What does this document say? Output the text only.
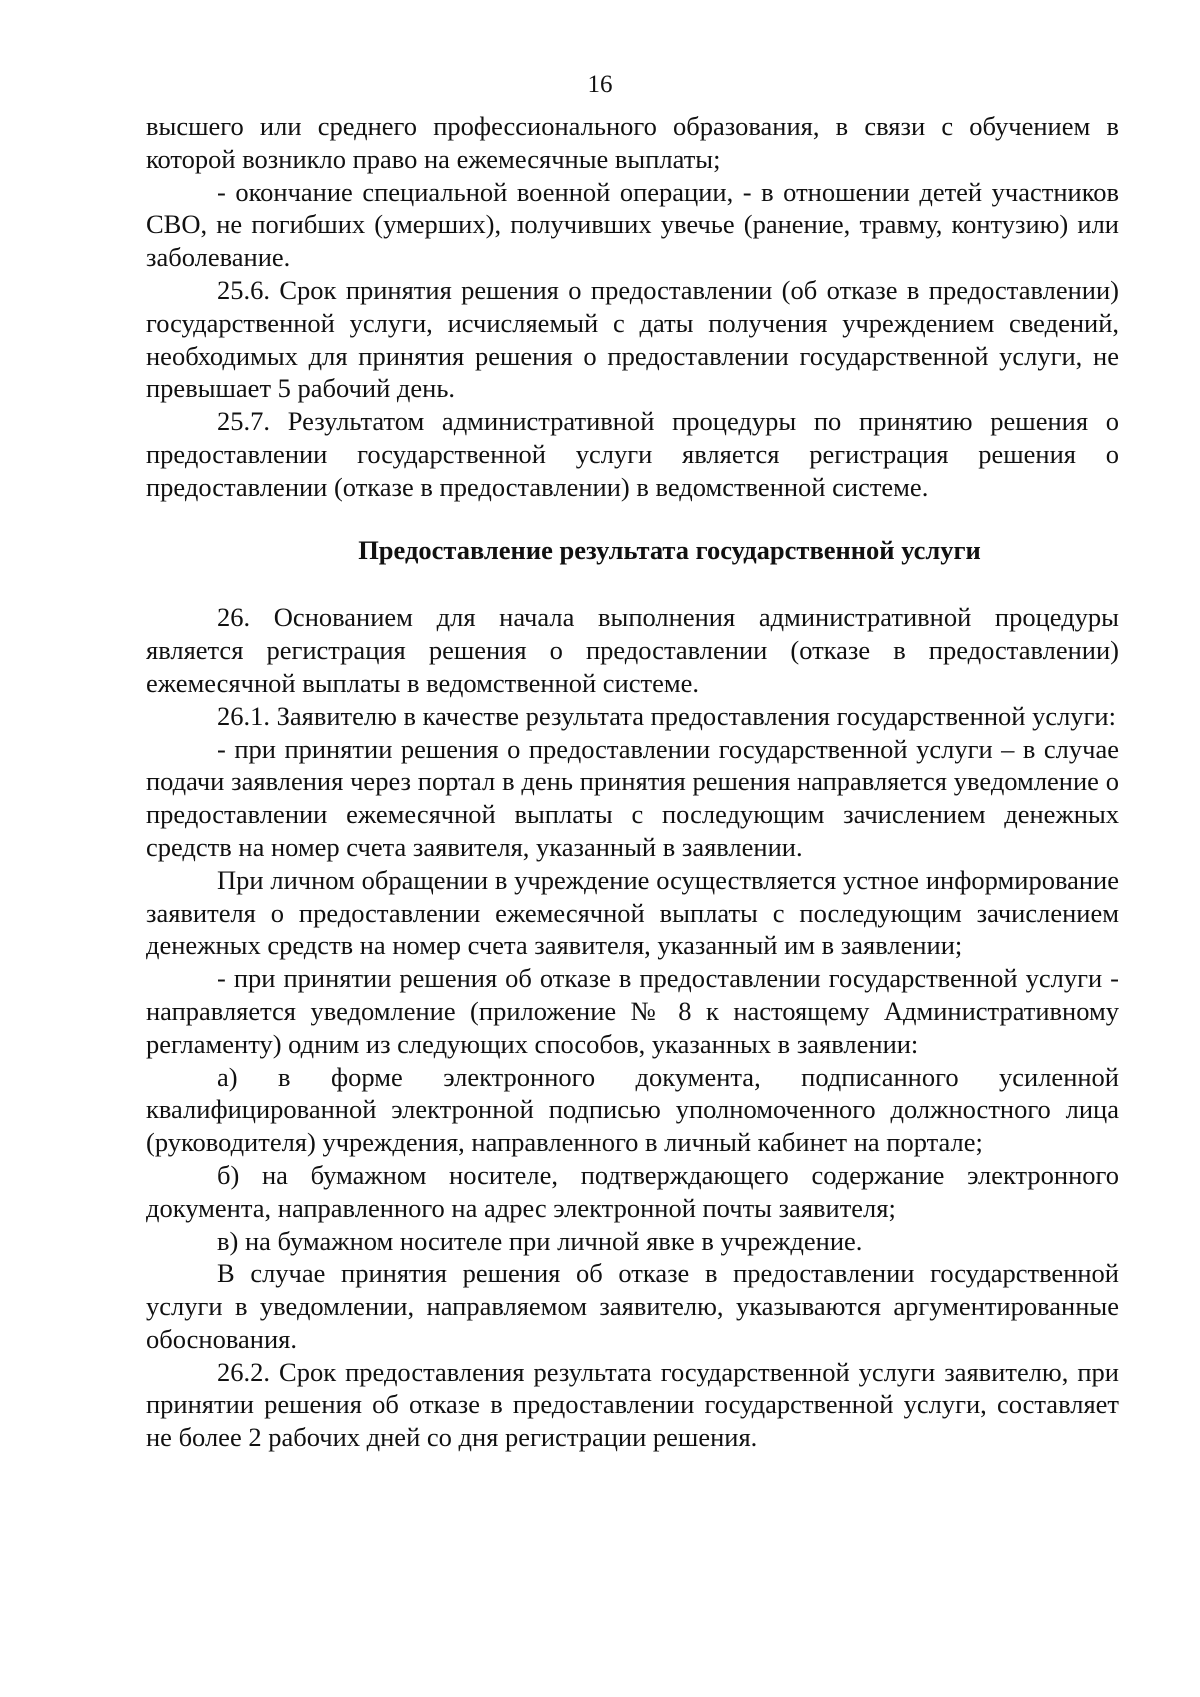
16

высшего или среднего профессионального образования, в связи с обучением в которой возникло право на ежемесячные выплаты;

- окончание специальной военной операции, - в отношении детей участников СВО, не погибших (умерших), получивших увечье (ранение, травму, контузию) или заболевание.

25.6. Срок принятия решения о предоставлении (об отказе в предоставлении) государственной услуги, исчисляемый с даты получения учреждением сведений, необходимых для принятия решения о предоставлении государственной услуги, не превышает 5 рабочий день.

25.7. Результатом административной процедуры по принятию решения о предоставлении государственной услуги является регистрация решения о предоставлении (отказе в предоставлении) в ведомственной системе.

Предоставление результата государственной услуги

26. Основанием для начала выполнения административной процедуры является регистрация решения о предоставлении (отказе в предоставлении) ежемесячной выплаты в ведомственной системе.

26.1. Заявителю в качестве результата предоставления государственной услуги:

- при принятии решения о предоставлении государственной услуги – в случае подачи заявления через портал в день принятия решения направляется уведомление о предоставлении ежемесячной выплаты с последующим зачислением денежных средств на номер счета заявителя, указанный в заявлении.

При личном обращении в учреждение осуществляется устное информирование заявителя о предоставлении ежемесячной выплаты с последующим зачислением денежных средств на номер счета заявителя, указанный им в заявлении;

- при принятии решения об отказе в предоставлении государственной услуги - направляется уведомление (приложение № 8 к настоящему Административному регламенту) одним из следующих способов, указанных в заявлении:

а) в форме электронного документа, подписанного усиленной квалифицированной электронной подписью уполномоченного должностного лица (руководителя) учреждения, направленного в личный кабинет на портале;

б) на бумажном носителе, подтверждающего содержание электронного документа, направленного на адрес электронной почты заявителя;

в) на бумажном носителе при личной явке в учреждение.

В случае принятия решения об отказе в предоставлении государственной услуги в уведомлении, направляемом заявителю, указываются аргументированные обоснования.

26.2. Срок предоставления результата государственной услуги заявителю, при принятии решения об отказе в предоставлении государственной услуги, составляет не более 2 рабочих дней со дня регистрации решения.
